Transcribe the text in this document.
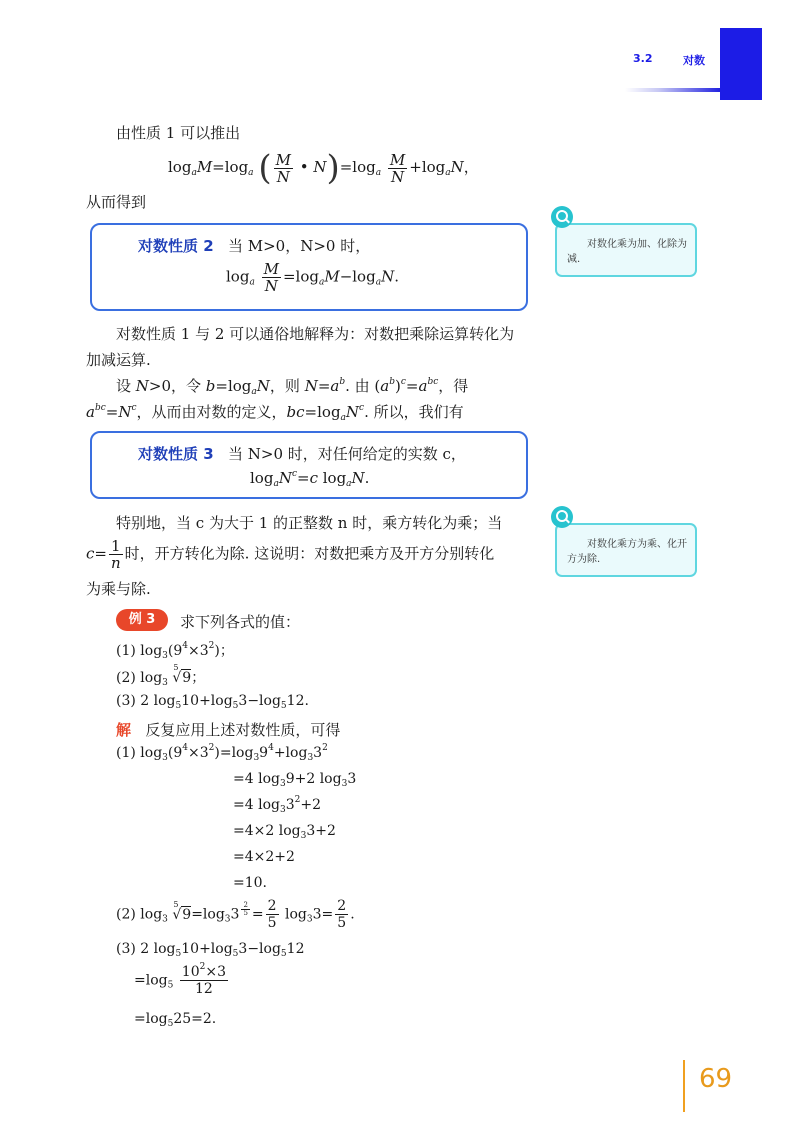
3.2	对数
由性质 1 可以推出
$\log_aM=\log_a$ ( $\frac{M}{N}$ • $N)=\log_a \frac{M}{N} +\log_aN$，
从而得到
对数性质 2 当 M>0，N>0 时，
$\log_a \frac{M}{N} =\log_aM-\log_aN$.
对数化乘为加、化除为减.
对数性质 1 与 2 可以通俗地解释为：对数把乘除运算转化为
加减运算.
设 N>0，令 $b=\log_aN$，则 $N=a^b$. 由 $(a^b)^c=a^{bc}$，得
$a^{bc}=N^c$，从而由对数的定义，$bc=\log_aN^c$. 所以，我们有
对数性质 3 当 N>0 时，对任何给定的实数 c，
$\log_aN^c=c$ $\log_aN$.
特别地，当 c 为大于 1 的正整数 n 时，乘方转化为乘；当
$c= \frac{1}{n}$ 时，开方转化为除. 这说明：对数把乘方及开方分别转化
为乘与除.
对数化乘方为乘、化开方为除.
例 3	求下列各式的值：
(1) $\log_3(9^4\times 3^2)$；
(2) $\log_3$
5
√9；
(3) 2 $\log_510+\log_53-\log_512$.
解 反复应用上述对数性质，可得
(1) $\log_3(9^4\times 3^2)=\log_39^4+\log_33^2$
=4 $\log_39+2$ $\log_33$
=4 $\log_33^2+2$
=4×2 $\log_33+2$
=4×2+2
=10.
(2) $\log_3$
5
$√9=\log_33$ $^{\frac{2}{5}} = \frac{2}{5} \log_33= \frac{2}{5}$ .
(3) 2 $\log_510+\log_53-\log_512$
$=\log_5 \frac{10^2\times 3}{12}$
$=\log_525=2$.
69
